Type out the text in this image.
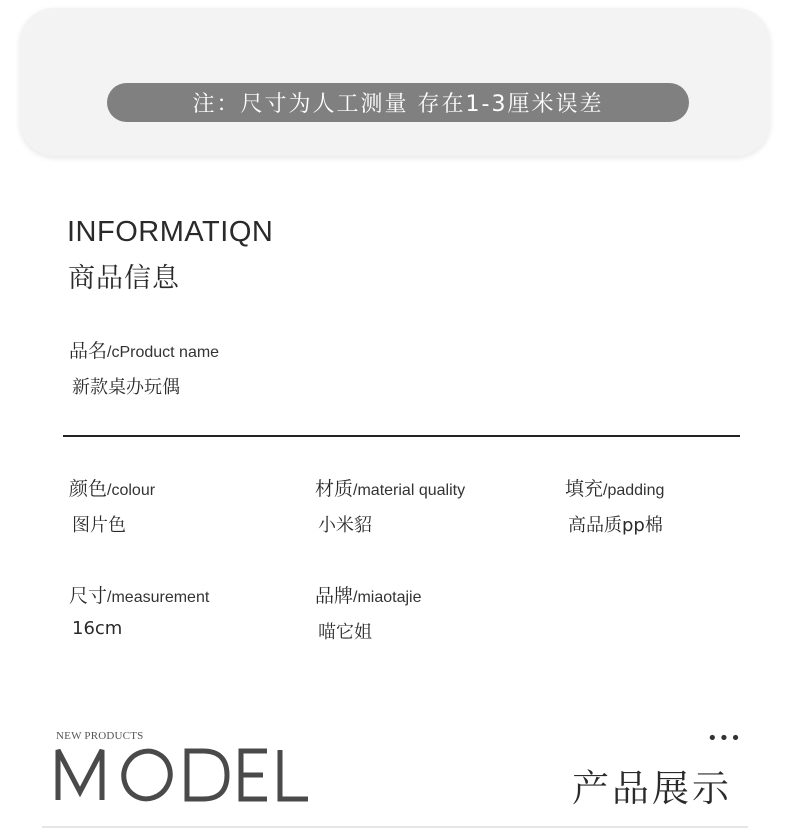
注：尺寸为人工测量 存在1-3厘米误差
INFORMATIQN
商品信息
品名/cProduct name
新款桌办玩偶
颜色/colour
图片色
材质/material quality
小米貂
填充/padding
高品质pp棉
尺寸/measurement
16cm
品牌/miaotajie
喵它姐
NEW PRODUCTS	•••
产品展示
